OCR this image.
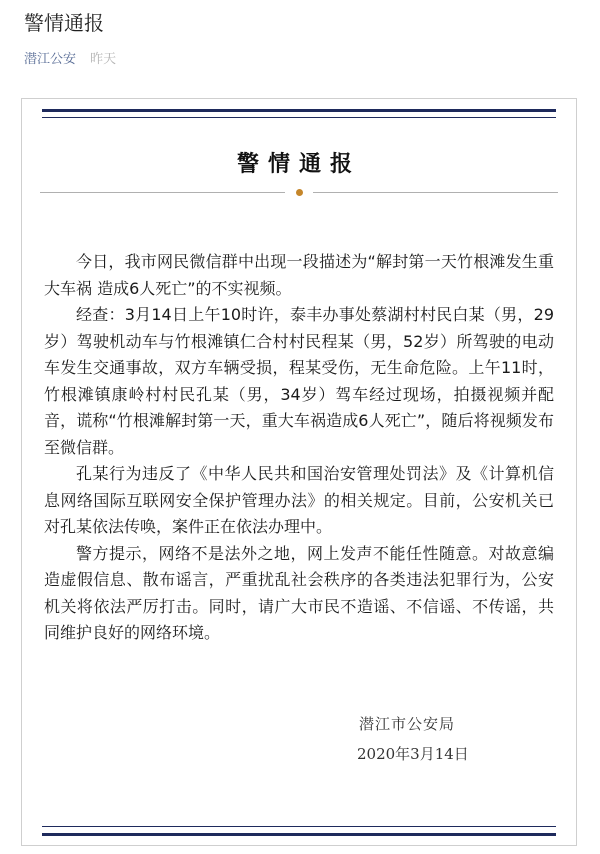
警情通报
潜江公安 昨天
警情通报

今日，我市网民微信群中出现一段描述为“解封第一天竹根滩发生重大车祸 造成6人死亡”的不实视频。

经查：3月14日上午10时许，泰丰办事处蔡湖村村民白某（男，29岁）驾驶机动车与竹根滩镇仁合村村民程某（男，52岁）所驾驶的电动车发生交通事故，双方车辆受损，程某受伤，无生命危险。上午11时，竹根滩镇康岭村村民孔某（男，34岁）驾车经过现场，拍摄视频并配音，谎称“竹根滩解封第一天，重大车祸造成6人死亡”，随后将视频发布至微信群。

孔某行为违反了《中华人民共和国治安管理处罚法》及《计算机信息网络国际互联网安全保护管理办法》的相关规定。目前，公安机关已对孔某依法传唤，案件正在依法办理中。

警方提示，网络不是法外之地，网上发声不能任性随意。对故意编造虚假信息、散布谣言，严重扰乱社会秩序的各类违法犯罪行为，公安机关将依法严厉打击。同时，请广大市民不造谣、不信谣、不传谣，共同维护良好的网络环境。

潜江市公安局
2020年3月14日
